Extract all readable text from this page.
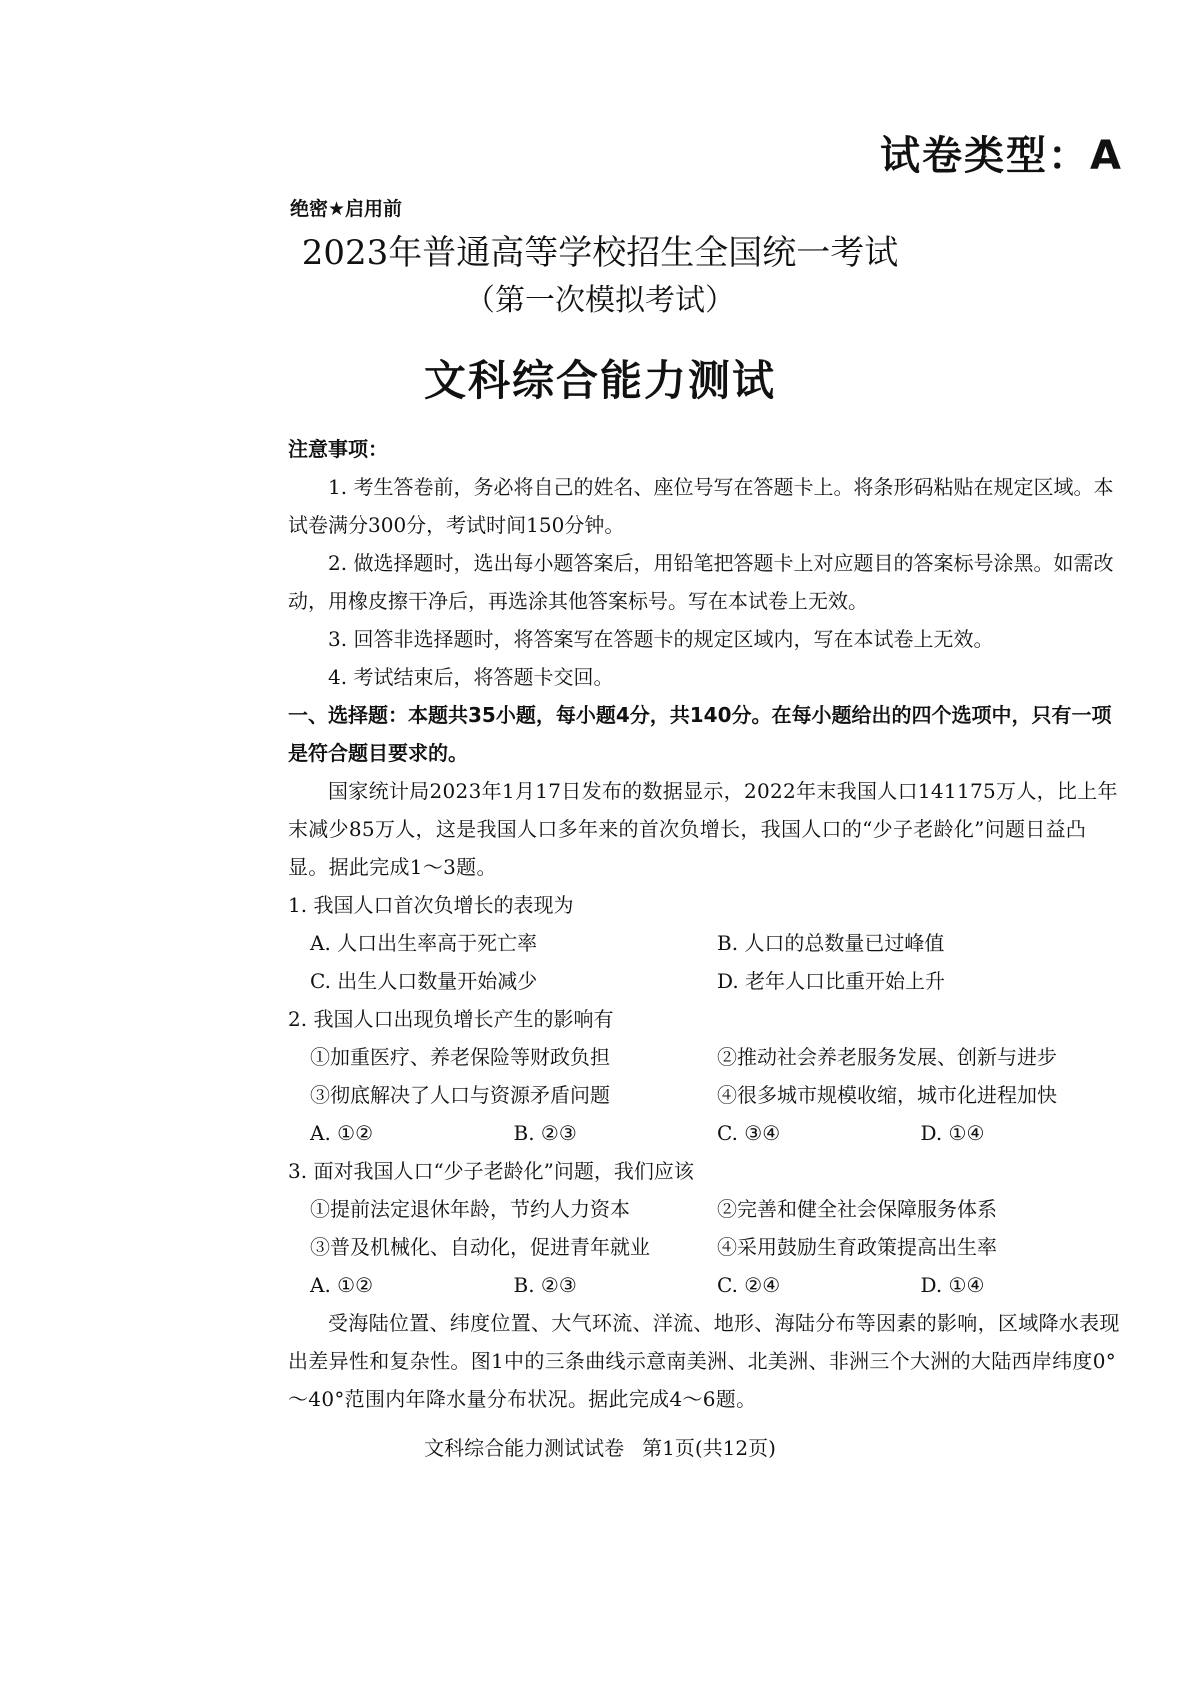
试卷类型：A
绝密★启用前
2023年普通高等学校招生全国统一考试
（第一次模拟考试）
文科综合能力测试
注意事项：
1. 考生答卷前，务必将自己的姓名、座位号写在答题卡上。将条形码粘贴在规定区域。本试卷满分300分，考试时间150分钟。
2. 做选择题时，选出每小题答案后，用铅笔把答题卡上对应题目的答案标号涂黑。如需改动，用橡皮擦干净后，再选涂其他答案标号。写在本试卷上无效。
3. 回答非选择题时，将答案写在答题卡的规定区域内，写在本试卷上无效。
4. 考试结束后，将答题卡交回。
一、选择题：本题共35小题，每小题4分，共140分。在每小题给出的四个选项中，只有一项是符合题目要求的。
国家统计局2023年1月17日发布的数据显示，2022年末我国人口141175万人，比上年末减少85万人，这是我国人口多年来的首次负增长，我国人口的“少子老龄化”问题日益凸显。据此完成1～3题。
1. 我国人口首次负增长的表现为
A. 人口出生率高于死亡率	B. 人口的总数量已过峰值
C. 出生人口数量开始减少	D. 老年人口比重开始上升
2. 我国人口出现负增长产生的影响有
①加重医疗、养老保险等财政负担	②推动社会养老服务发展、创新与进步
③彻底解决了人口与资源矛盾问题	④很多城市规模收缩，城市化进程加快
A. ①②	B. ②③	C. ③④	D. ①④
3. 面对我国人口“少子老龄化”问题，我们应该
①提前法定退休年龄，节约人力资本	②完善和健全社会保障服务体系
③普及机械化、自动化，促进青年就业	④采用鼓励生育政策提高出生率
A. ①②	B. ②③	C. ②④	D. ①④
受海陆位置、纬度位置、大气环流、洋流、地形、海陆分布等因素的影响，区域降水表现出差异性和复杂性。图1中的三条曲线示意南美洲、北美洲、非洲三个大洲的大陆西岸纬度0°～40°范围内年降水量分布状况。据此完成4～6题。
文科综合能力测试试卷 第1页(共12页)
